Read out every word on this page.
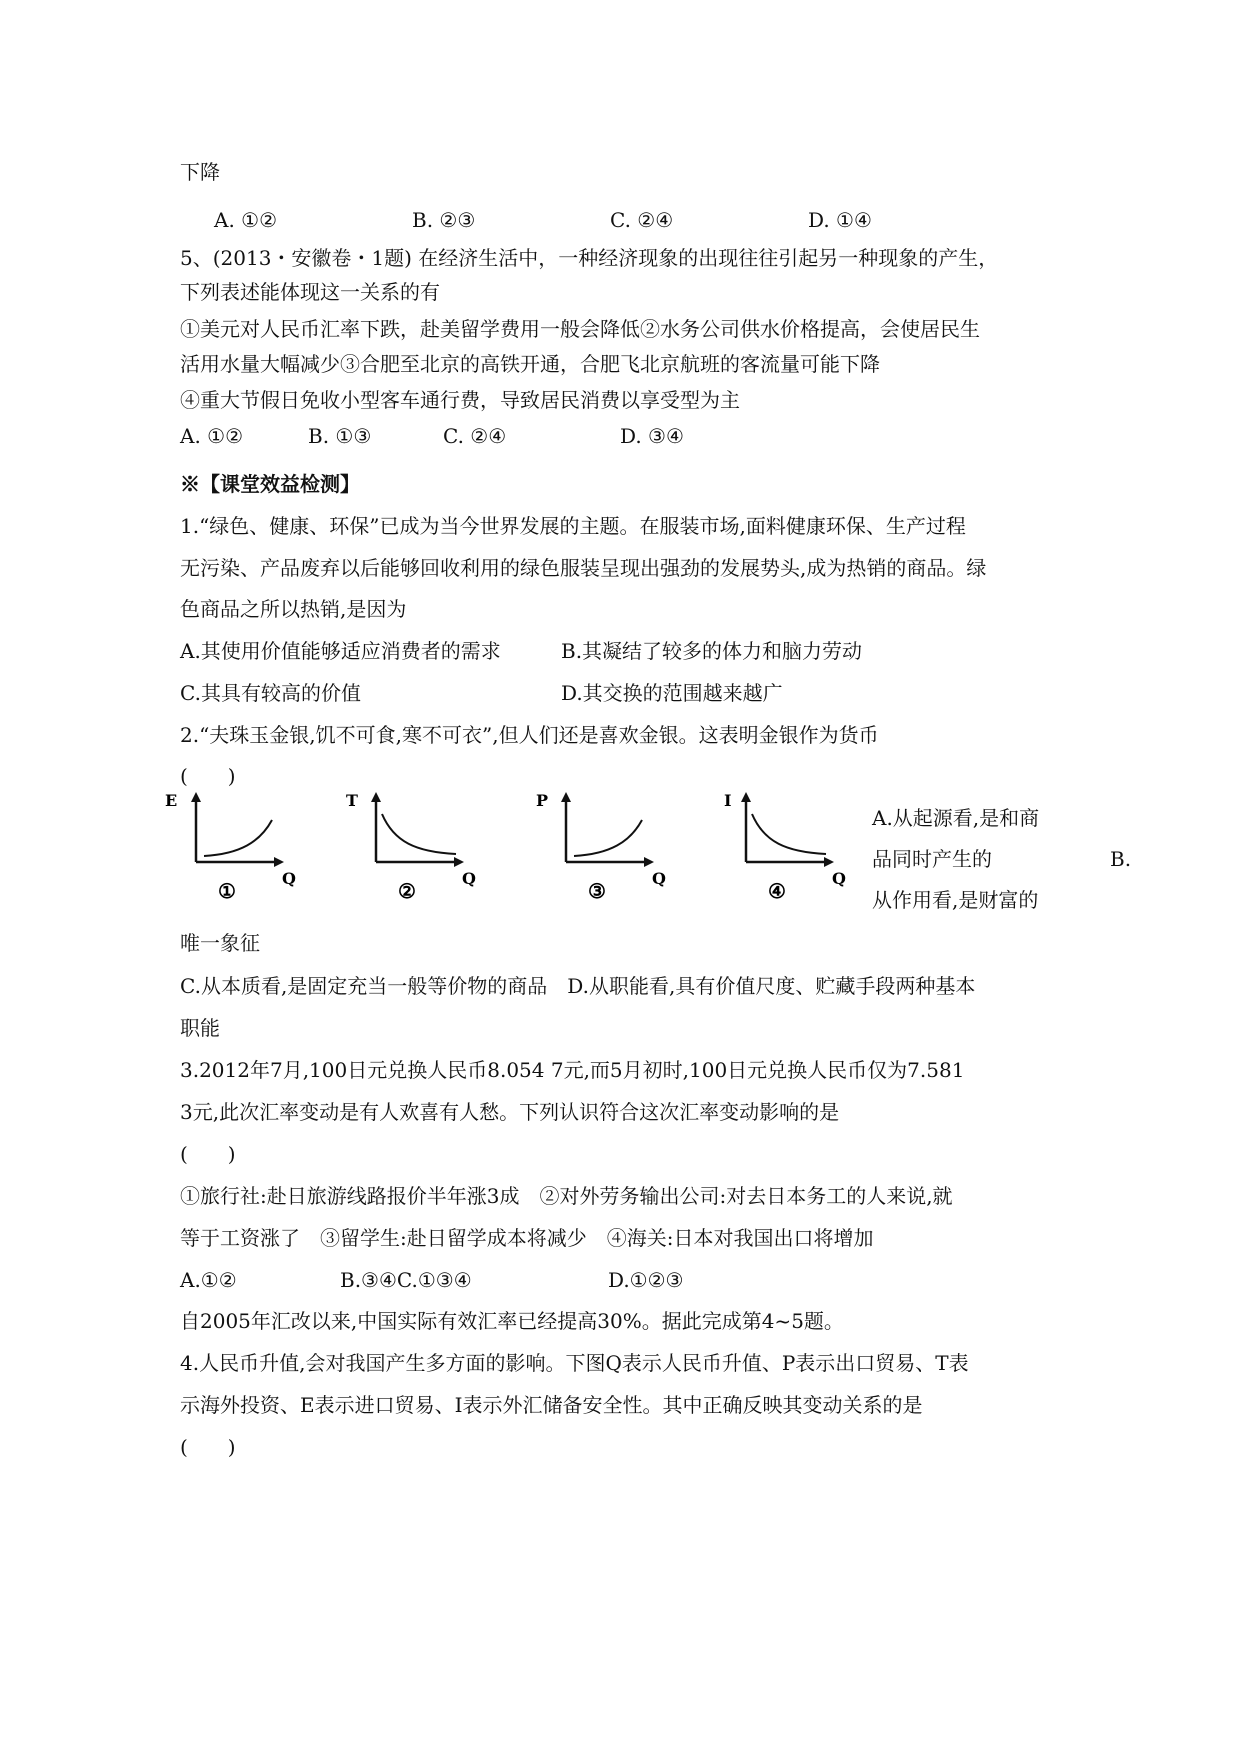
下降
A. ①②	B. ②③	C. ②④	D. ①④
5、(2013・安徽卷・1题) 在经济生活中，一种经济现象的出现往往引起另一种现象的产生，
下列表述能体现这一关系的有
①美元对人民币汇率下跌，赴美留学费用一般会降低②水务公司供水价格提高，会使居民生
活用水量大幅减少③合肥至北京的高铁开通，合肥飞北京航班的客流量可能下降
④重大节假日免收小型客车通行费，导致居民消费以享受型为主
A. ①②	B. ①③	C. ②④	D. ③④
※【课堂效益检测】
1.“绿色、健康、环保”已成为当今世界发展的主题。在服装市场,面料健康环保、生产过程
无污染、产品废弃以后能够回收利用的绿色服装呈现出强劲的发展势头,成为热销的商品。绿
色商品之所以热销,是因为
A.其使用价值能够适应消费者的需求	B.其凝结了较多的体力和脑力劳动
C.其具有较高的价值	D.其交换的范围越来越广
2.“夫珠玉金银,饥不可食,寒不可衣”,但人们还是喜欢金银。这表明金银作为货币
(　　)
E
Q
①
T
Q
②
P
Q
③
I
Q
④
A.从起源看,是和商
品同时产生的	B.
从作用看,是财富的
唯一象征
C.从本质看,是固定充当一般等价物的商品　D.从职能看,具有价值尺度、贮藏手段两种基本
职能
3.2012年7月,100日元兑换人民币8.054 7元,而5月初时,100日元兑换人民币仅为7.581
3元,此次汇率变动是有人欢喜有人愁。下列认识符合这次汇率变动影响的是
(　　)
①旅行社:赴日旅游线路报价半年涨3成　②对外劳务输出公司:对去日本务工的人来说,就
等于工资涨了　③留学生:赴日留学成本将减少　④海关:日本对我国出口将增加
A.①②	B.③④C.①③④	D.①②③
自2005年汇改以来,中国实际有效汇率已经提高30%。据此完成第4~5题。
4.人民币升值,会对我国产生多方面的影响。下图Q表示人民币升值、P表示出口贸易、T表
示海外投资、E表示进口贸易、I表示外汇储备安全性。其中正确反映其变动关系的是
(　　)
